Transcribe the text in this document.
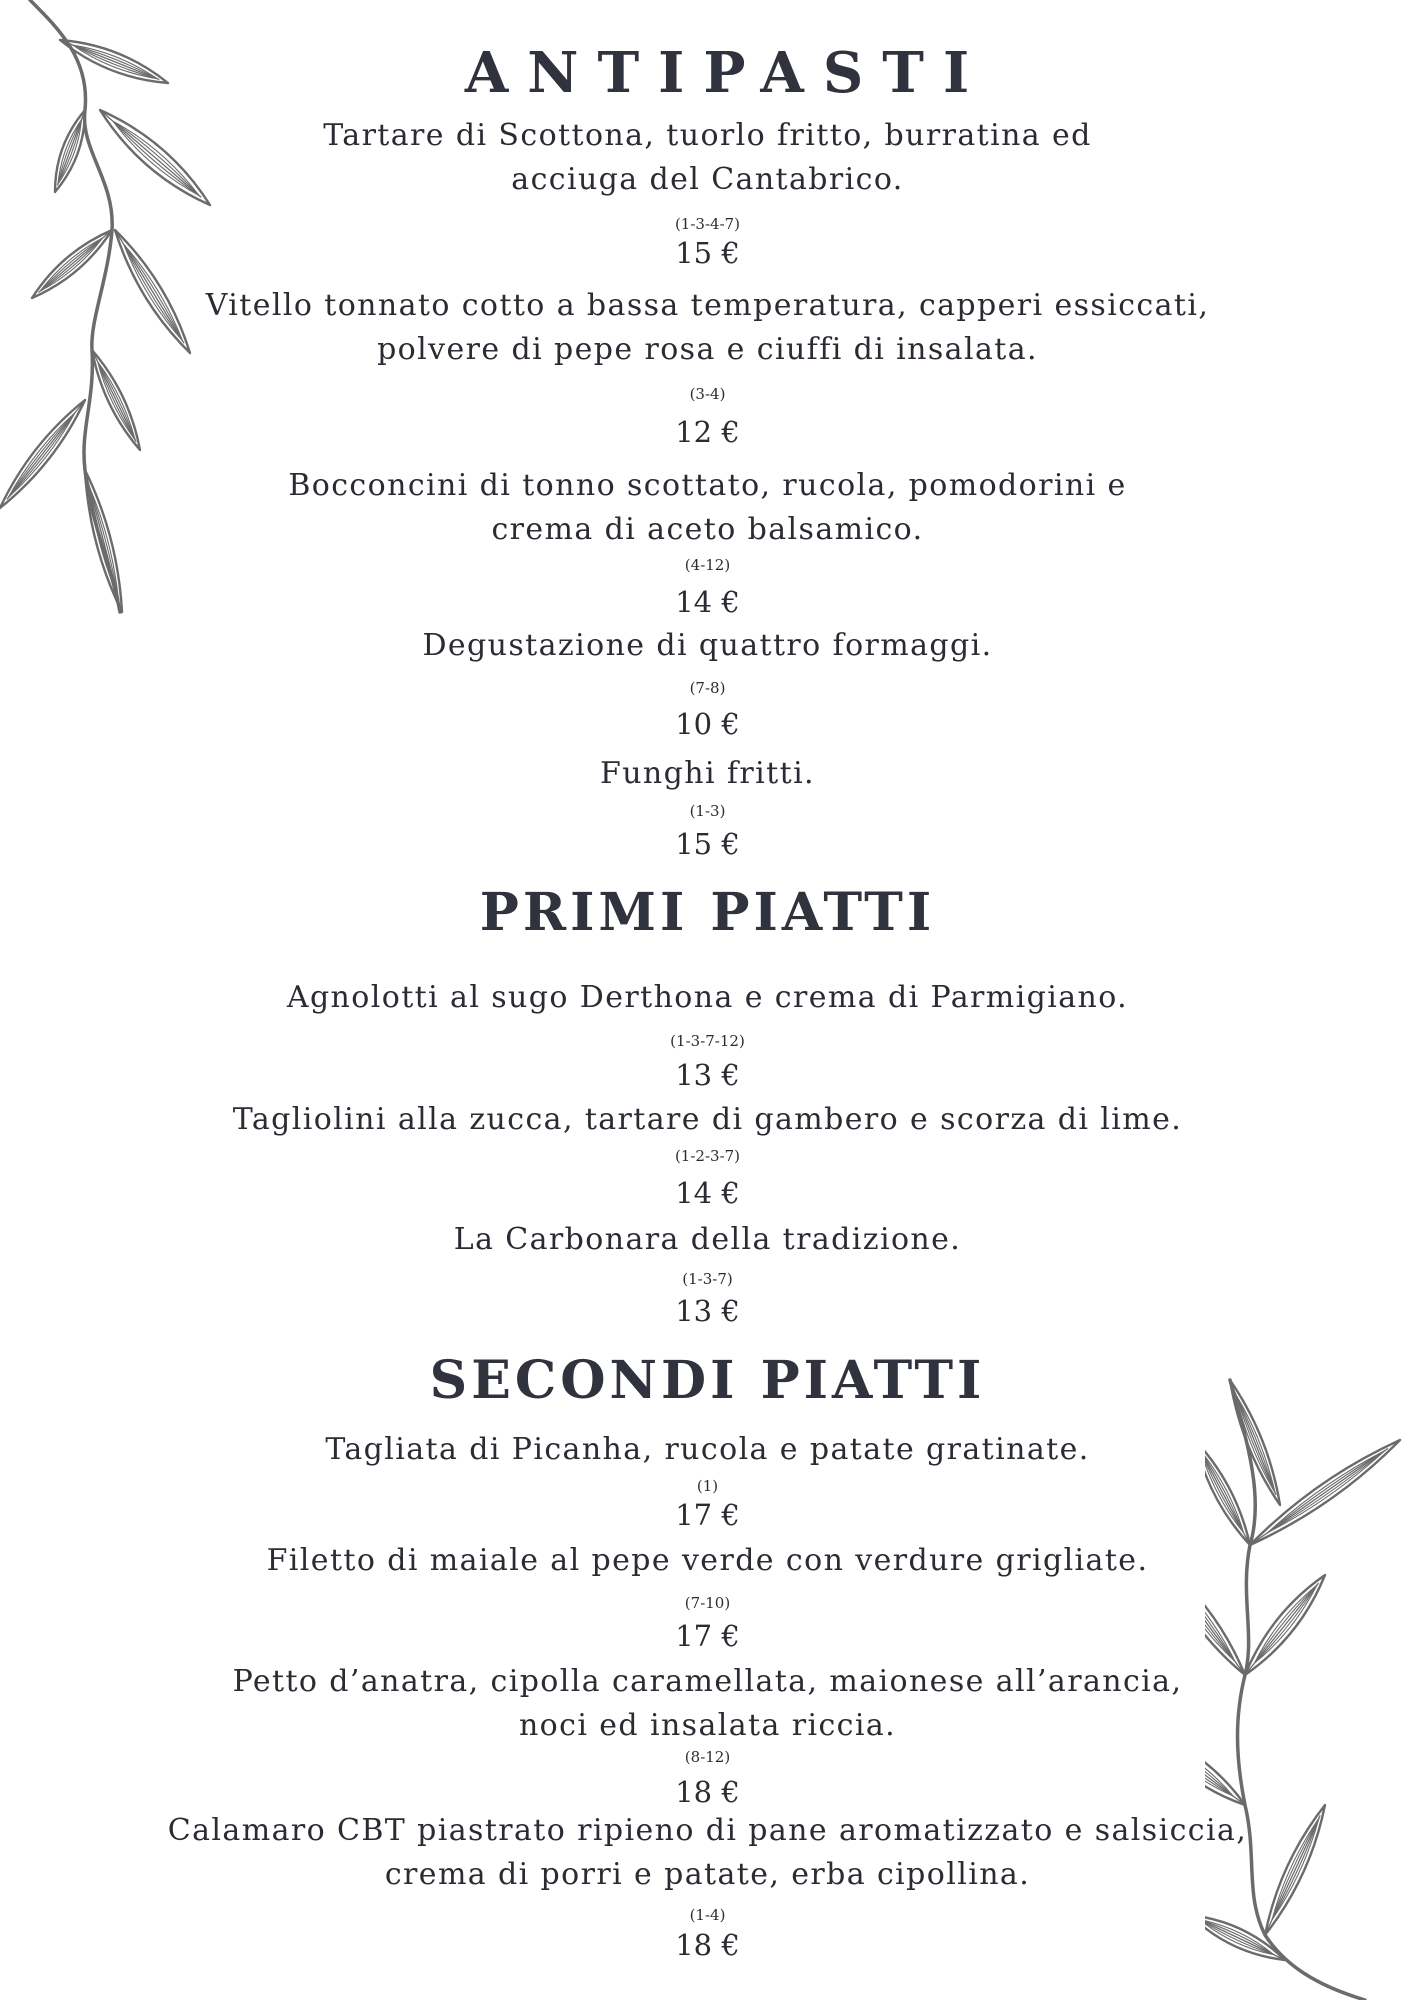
ANTIPASTI
Tartare di Scottona, tuorlo fritto, burratina ed
acciuga del Cantabrico.
(1-3-4-7)
15 €
Vitello tonnato cotto a bassa temperatura, capperi essiccati,
polvere di pepe rosa e ciuffi di insalata.
(3-4)
12 €
Bocconcini di tonno scottato, rucola, pomodorini e
crema di aceto balsamico.
(4-12)
14 €
Degustazione di quattro formaggi.
(7-8)
10 €
Funghi fritti.
(1-3)
15 €
PRIMI PIATTI
Agnolotti al sugo Derthona e crema di Parmigiano.
(1-3-7-12)
13 €
Tagliolini alla zucca, tartare di gambero e scorza di lime.
(1-2-3-7)
14 €
La Carbonara della tradizione.
(1-3-7)
13 €
SECONDI PIATTI
Tagliata di Picanha, rucola e patate gratinate.
(1)
17 €
Filetto di maiale al pepe verde con verdure grigliate.
(7-10)
17 €
Petto d’anatra, cipolla caramellata, maionese all’arancia,
noci ed insalata riccia.
(8-12)
18 €
Calamaro CBT piastrato ripieno di pane aromatizzato e salsiccia,
crema di porri e patate, erba cipollina.
(1-4)
18 €
